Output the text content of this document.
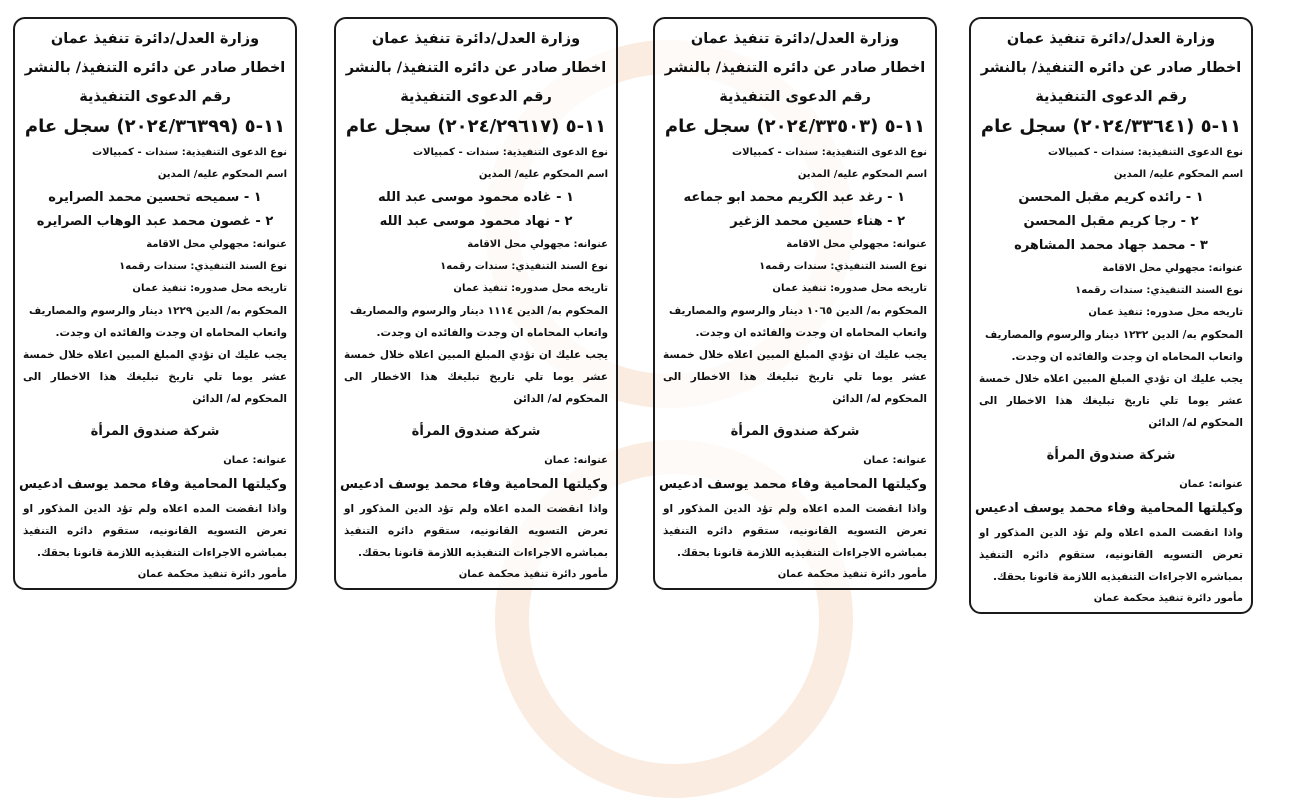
وزارة العدل/دائرة تنفيذ عمان
اخطار صادر عن دائره التنفيذ/ بالنشر
رقم الدعوى التنفيذية
١١-٥ (٢٠٢٤/٣٦٣٩٩) سجل عام
نوع الدعوى التنفيذية: سندات - كمبيالات
اسم المحكوم عليه/ المدين
١ - سميحه تحسين محمد الصرايره
٢ - غصون محمد عبد الوهاب الصرايره
عنوانه: مجهولي محل الاقامة
نوع السند التنفيذي: سندات رقمه١
تاريخه محل صدوره: تنفيذ عمان
المحكوم به/ الدين ١٢٢٩ دينار والرسوم والمصاريف
واتعاب المحاماه ان وجدت والفائده ان وجدت.
يجب عليك ان تؤدي المبلغ المبين اعلاه خلال خمسة عشر يوما تلي تاريخ تبليغك هذا الاخطار الى المحكوم له/ الدائن
شركة صندوق المرأة
عنوانه: عمان
وكيلتها المحامية وفاء محمد يوسف ادعيس
واذا انقضت المده اعلاه ولم تؤد الدين المذكور او تعرض التسويه القانونيه، ستقوم دائره التنفيذ بمباشره الاجراءات التنفيذيه اللازمة قانونا بحقك.
مأمور دائرة تنفيذ محكمة عمان
وزارة العدل/دائرة تنفيذ عمان
اخطار صادر عن دائره التنفيذ/ بالنشر
رقم الدعوى التنفيذية
١١-٥ (٢٠٢٤/٢٩٦١٧) سجل عام
نوع الدعوى التنفيذية: سندات - كمبيالات
اسم المحكوم عليه/ المدين
١ - غاده محمود موسى عبد الله
٢ - نهاد محمود موسى عبد الله
عنوانه: مجهولي محل الاقامة
نوع السند التنفيذي: سندات رقمه١
تاريخه محل صدوره: تنفيذ عمان
المحكوم به/ الدين ١١١٤ دينار والرسوم والمصاريف
واتعاب المحاماه ان وجدت والفائده ان وجدت.
يجب عليك ان تؤدي المبلغ المبين اعلاه خلال خمسة عشر يوما تلي تاريخ تبليغك هذا الاخطار الى المحكوم له/ الدائن
شركة صندوق المرأة
عنوانه: عمان
وكيلتها المحامية وفاء محمد يوسف ادعيس
واذا انقضت المده اعلاه ولم تؤد الدين المذكور او تعرض التسويه القانونيه، ستقوم دائره التنفيذ بمباشره الاجراءات التنفيذيه اللازمة قانونا بحقك.
مأمور دائرة تنفيذ محكمة عمان
وزارة العدل/دائرة تنفيذ عمان
اخطار صادر عن دائره التنفيذ/ بالنشر
رقم الدعوى التنفيذية
١١-٥ (٢٠٢٤/٣٣٥٠٣) سجل عام
نوع الدعوى التنفيذية: سندات - كمبيالات
اسم المحكوم عليه/ المدين
١ - رغد عبد الكريم محمد ابو جماعه
٢ - هناء حسين محمد الزغير
عنوانه: مجهولي محل الاقامة
نوع السند التنفيذي: سندات رقمه١
تاريخه محل صدوره: تنفيذ عمان
المحكوم به/ الدين ١٠٦٥ دينار والرسوم والمصاريف
واتعاب المحاماه ان وجدت والفائده ان وجدت.
يجب عليك ان تؤدي المبلغ المبين اعلاه خلال خمسة عشر يوما تلي تاريخ تبليغك هذا الاخطار الى المحكوم له/ الدائن
شركة صندوق المرأة
عنوانه: عمان
وكيلتها المحامية وفاء محمد يوسف ادعيس
واذا انقضت المده اعلاه ولم تؤد الدين المذكور او تعرض التسويه القانونيه، ستقوم دائره التنفيذ بمباشره الاجراءات التنفيذيه اللازمة قانونا بحقك.
مأمور دائرة تنفيذ محكمة عمان
وزارة العدل/دائرة تنفيذ عمان
اخطار صادر عن دائره التنفيذ/ بالنشر
رقم الدعوى التنفيذية
١١-٥ (٢٠٢٤/٣٣٦٤١) سجل عام
نوع الدعوى التنفيذية: سندات - كمبيالات
اسم المحكوم عليه/ المدين
١ - رائده كريم مقبل المحسن
٢ - رجا كريم مقبل المحسن
٣ - محمد جهاد محمد المشاهره
عنوانه: مجهولي محل الاقامة
نوع السند التنفيذي: سندات رقمه١
تاريخه محل صدوره: تنفيذ عمان
المحكوم به/ الدين ١٢٣٢ دينار والرسوم والمصاريف
واتعاب المحاماه ان وجدت والفائده ان وجدت.
يجب عليك ان تؤدي المبلغ المبين اعلاه خلال خمسة عشر يوما تلي تاريخ تبليغك هذا الاخطار الى المحكوم له/ الدائن
شركة صندوق المرأة
عنوانه: عمان
وكيلتها المحامية وفاء محمد يوسف ادعيس
واذا انقضت المده اعلاه ولم تؤد الدين المذكور او تعرض التسويه القانونيه، ستقوم دائره التنفيذ بمباشره الاجراءات التنفيذيه اللازمة قانونا بحقك.
مأمور دائرة تنفيذ محكمة عمان
